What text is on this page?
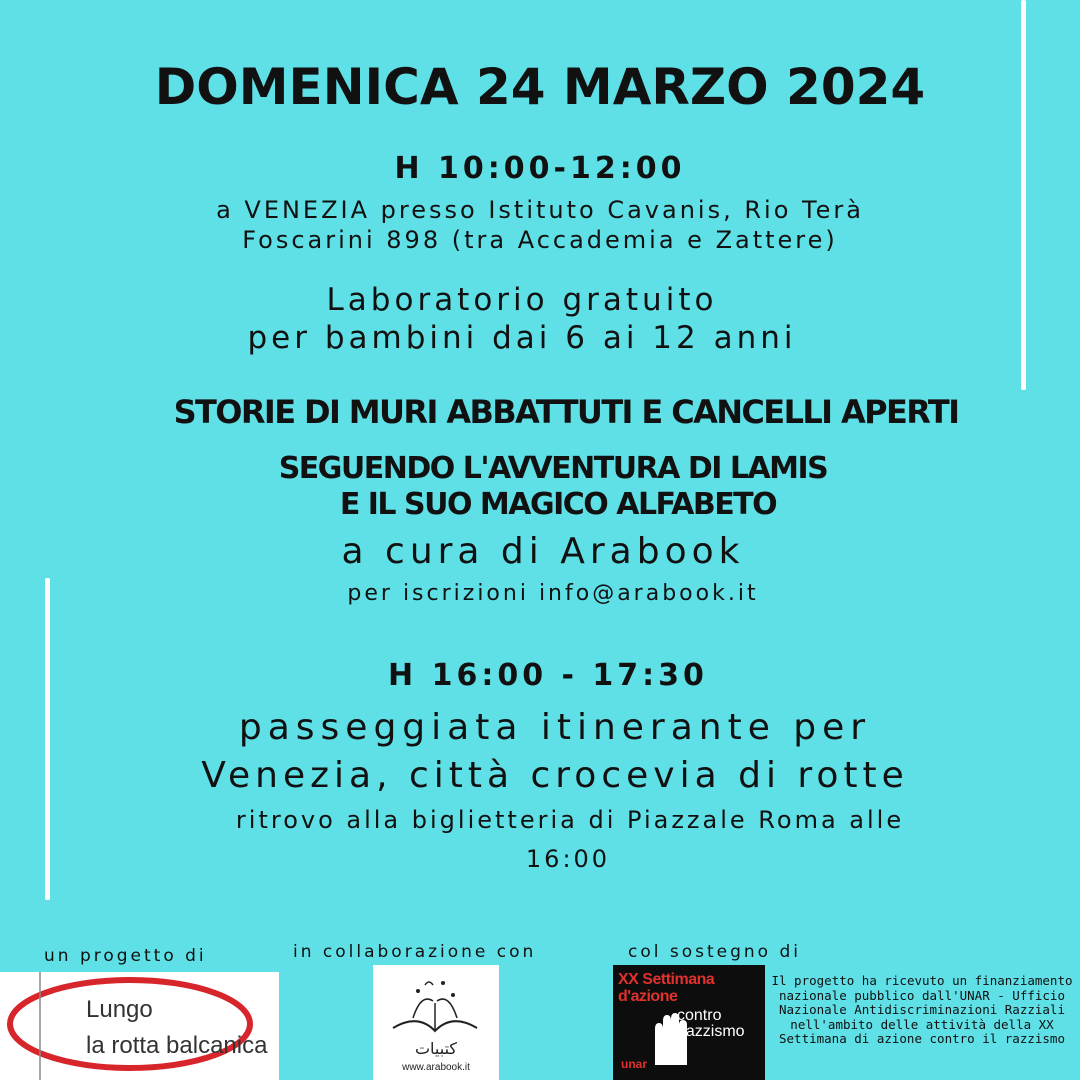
DOMENICA 24 MARZO 2024
H 10:00-12:00
a VENEZIA presso Istituto Cavanis, Rio Terà
Foscarini 898 (tra Accademia e Zattere)
Laboratorio gratuito
per bambini dai 6 ai 12 anni
STORIE DI MURI ABBATTUTI E CANCELLI APERTI
SEGUENDO L'AVVENTURA DI LAMIS
E IL SUO MAGICO ALFABETO
a cura di Arabook
per iscrizioni info@arabook.it
H 16:00 - 17:30
passeggiata itinerante per
Venezia, città crocevia di rotte
ritrovo alla biglietteria di Piazzale Roma alle
16:00
un progetto di	in collaborazione con	col sostegno di
Lungo
la rotta balcanica	كتبيات
www.arabook.it
XX Settimana
d'azione
contro
il razzismo
unar
Il progetto ha ricevuto un finanziamento nazionale pubblico dall'UNAR - Ufficio Nazionale Antidiscriminazioni Razziali nell'ambito delle attività della XX Settimana di azione contro il razzismo
